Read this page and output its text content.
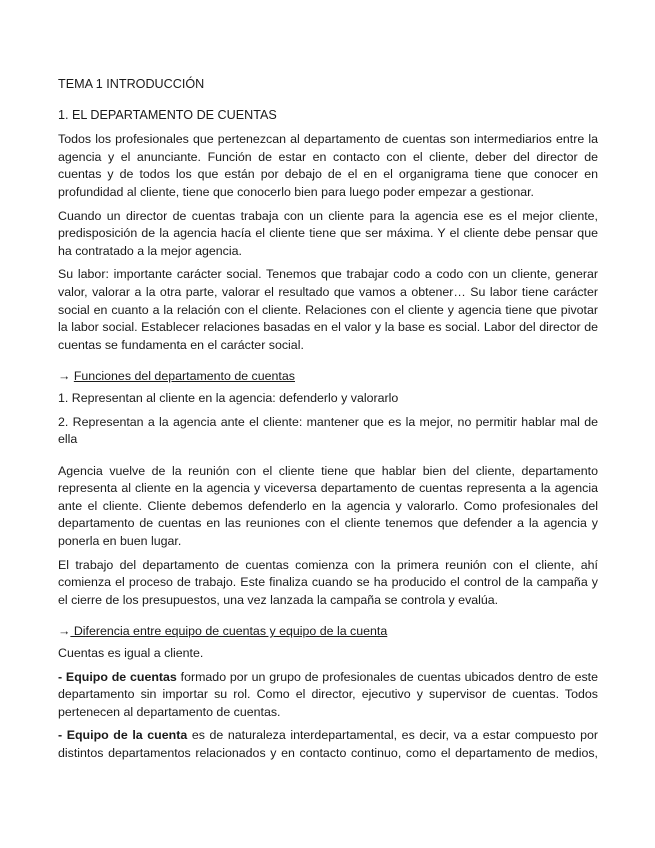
TEMA 1 INTRODUCCIÓN
1. EL DEPARTAMENTO DE CUENTAS

Todos los profesionales que pertenezcan al departamento de cuentas son intermediarios entre la agencia y el anunciante. Función de estar en contacto con el cliente, deber del director de cuentas y de todos los que están por debajo de el en el organigrama tiene que conocer en profundidad al cliente, tiene que conocerlo bien para luego poder empezar a gestionar.

Cuando un director de cuentas trabaja con un cliente para la agencia ese es el mejor cliente, predisposición de la agencia hacía el cliente tiene que ser máxima. Y el cliente debe pensar que ha contratado a la mejor agencia.

Su labor: importante carácter social. Tenemos que trabajar codo a codo con un cliente, generar valor, valorar a la otra parte, valorar el resultado que vamos a obtener… Su labor tiene carácter social en cuanto a la relación con el cliente. Relaciones con el cliente y agencia tiene que pivotar la labor social. Establecer relaciones basadas en el valor y la base es social. Labor del director de cuentas se fundamenta en el carácter social.

→ Funciones del departamento de cuentas

1. Representan al cliente en la agencia: defenderlo y valorarlo

2. Representan a la agencia ante el cliente: mantener que es la mejor, no permitir hablar mal de ella

Agencia vuelve de la reunión con el cliente tiene que hablar bien del cliente, departamento representa al cliente en la agencia y viceversa departamento de cuentas representa a la agencia ante el cliente. Cliente debemos defenderlo en la agencia y valorarlo. Como profesionales del departamento de cuentas en las reuniones con el cliente tenemos que defender a la agencia y ponerla en buen lugar.

El trabajo del departamento de cuentas comienza con la primera reunión con el cliente, ahí comienza el proceso de trabajo. Este finaliza cuando se ha producido el control de la campaña y el cierre de los presupuestos, una vez lanzada la campaña se controla y evalúa.

→ Diferencia entre equipo de cuentas y equipo de la cuenta

Cuentas es igual a cliente.

- Equipo de cuentas formado por un grupo de profesionales de cuentas ubicados dentro de este departamento sin importar su rol. Como el director, ejecutivo y supervisor de cuentas. Todos pertenecen al departamento de cuentas.

- Equipo de la cuenta es de naturaleza interdepartamental, es decir, va a estar compuesto por distintos departamentos relacionados y en contacto continuo, como el departamento de medios,
